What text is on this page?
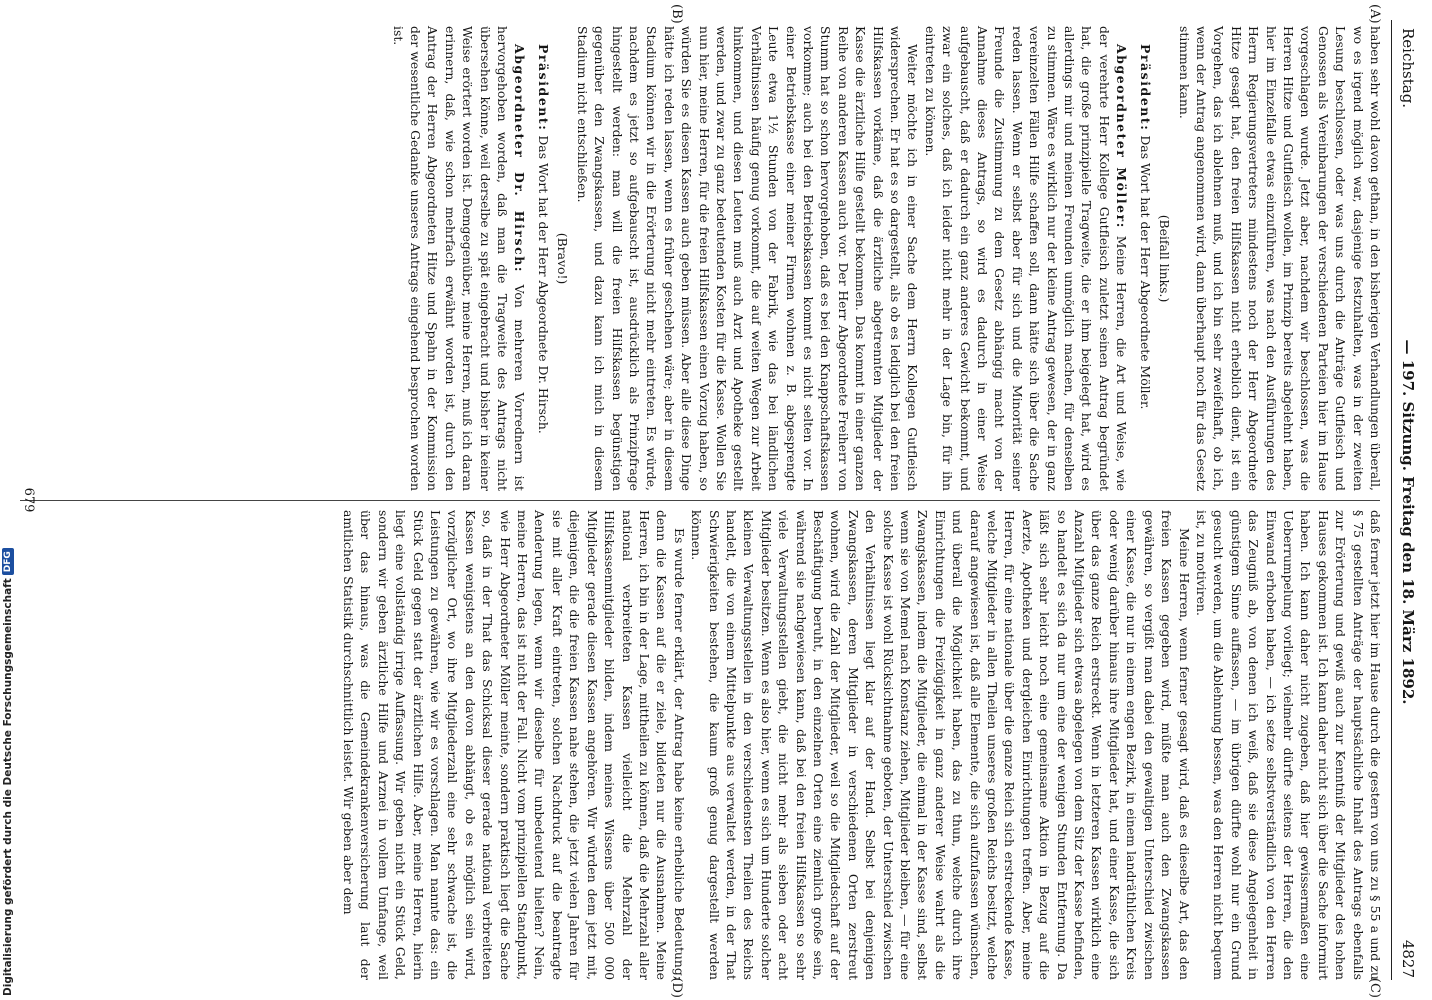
Reichstag.
— 197. Sitzung. Freitag den 18. März 1892.
4827
(A)
(B)
(C)
(D)

haben sehr wohl davon gethan, in den bisherigen Verhandlungen überall, wo es irgend möglich war, dasjenige festzuhalten, was in der zweiten Lesung beschlossen, oder was uns durch die Anträge Gutfleisch und Genossen als Vereinbarungen der verschiedenen Parteien hier im Hause vorgeschlagen wurde. Jetzt aber, nachdem wir beschlossen, was die Herren Hitze und Gutfleisch wollen, im Prinzip bereits abgelehnt haben, hier im Einzelfalle etwas einzuführen, was nach den Ausführungen des Herrn Regierungsvertreters mindestens noch der Herr Abgeordnete Hitze gesagt hat, den freien Hilfskassen nicht erheblich dient, ist ein Vorgehen, das ich ablehnen muß, und ich bin sehr zweifelhaft, ob ich, wenn der Antrag angenommen wird, dann überhaupt noch für das Gesetz stimmen kann.

(Beifall links.)

Präsident: Das Wort hat der Herr Abgeordnete Möller.

Abgeordneter Möller: Meine Herren, die Art und Weise, wie der verehrte Herr Kollege Gutfleisch zuletzt seinen Antrag begründet hat, die große prinzipielle Tragweite, die er ihm beigelegt hat, wird es allerdings mir und meinen Freunden unmöglich machen, für denselben zu stimmen. Wäre es wirklich nur der kleine Antrag gewesen, der in ganz vereinzelten Fällen Hilfe schaffen soll, dann hätte sich über die Sache reden lassen. Wenn er selbst aber für sich und die Minorität seiner Freunde die Zustimmung zu dem Gesetz abhängig macht von der Annahme dieses Antrags, so wird es dadurch in einer Weise aufgebauscht, daß er dadurch ein ganz anderes Gewicht bekommt, und zwar ein solches, daß ich leider nicht mehr in der Lage bin, für ihn eintreten zu können.

Weiter möchte ich in einer Sache dem Herrn Kollegen Gutfleisch widersprechen. Er hat es so dargestellt, als ob es lediglich bei den freien Hilfskassen vorkäme, daß die ärztliche abgetrennten Mitglieder der Kasse die ärztliche Hilfe gestellt bekommen. Das kommt in einer ganzen Reihe von anderen Kassen auch vor. Der Herr Abgeordnete Freiherr von Stumm hat so schon hervorgehoben, daß es bei den Knappschaftskassen vorkomme; auch bei den Betriebskassen kommt es nicht selten vor. In einer Betriebskasse einer meiner Firmen wohnen z. B. abgesprengte Leute etwa 1½ Stunden von der Fabrik, wie das bei ländlichen Verhältnissen häufig genug vorkommt, die auf weiten Wegen zur Arbeit hinkommen, und diesen Leuten muß auch Arzt und Apotheke gestellt werden, und zwar zu ganz bedeutenden Kosten für die Kasse. Wollen Sie nun hier, meine Herren, für die freien Hilfskassen einen Vorzug haben, so würden Sie es diesen Kassen auch geben müssen. Aber alle diese Dinge hätte ich reden lassen, wenn es früher geschehen wäre; aber in diesem Stadium können wir in die Erörterung nicht mehr eintreten. Es würde, nachdem es jetzt so aufgebauscht ist, ausdrücklich als Prinzipfrage hingestellt werden: man will die freien Hilfskassen begünstigen gegenüber den Zwangskassen, und dazu kann ich mich in diesem Stadium nicht entschließen.

(Bravo!)

Präsident: Das Wort hat der Herr Abgeordnete Dr. Hirsch.

Abgeordneter Dr. Hirsch: Von mehreren Vorrednern ist hervorgehoben worden, daß man die Tragweite des Antrags nicht übersehen könne, weil derselbe zu spät eingebracht und bisher in keiner Weise erörtert worden ist. Demgegenüber, meine Herren, muß ich daran erinnern, daß, wie schon mehrfach erwähnt worden ist, durch den Antrag der Herren Abgeordneten Hitze und Spahn in der Kommission der wesentliche Gedanke unseres Antrags eingehend besprochen worden ist.

daß ferner jetzt hier im Hause durch die gestern von uns zu § 55 a und zu § 75 gestellten Anträge der hauptsächliche Inhalt des Antrags ebenfalls zur Erörterung und gewiß auch zur Kenntniß der Mitglieder des hohen Hauses gekommen ist. Ich kann daher nicht sich über die Sache informirt haben. Ich kann daher nicht zugeben, daß hier gewissermaßen eine Ueberrumpelung vorliegt; vielmehr dürfte seitens der Herren, die den Einwand erhoben haben, — ich setze selbstverständlich von den Herren das Zeugniß ab, von denen ich weiß, daß sie diese Angelegenheit in günstigem Sinne auffassen, — im übrigen dürfte wohl nur ein Grund gesucht werden, um die Ablehnung bessen, was den Herren nicht bequem ist, zu motiviren.

Meine Herren, wenn ferner gesagt wird, daß es dieselbe Art, das den freien Kassen gegeben wird, müßte man auch den Zwangskassen gewähren, so vergißt man dabei den gewaltigen Unterschied zwischen einer Kasse, die nur in einem engen Bezirk, in einem landräthlichen Kreis oder wenig darüber hinaus ihre Mitglieder hat, und einer Kasse, die sich über das ganze Reich erstreckt. Wenn in letzteren Kassen wirklich eine Anzahl Mitglieder sich etwas abgelegen von dem Sitz der Kasse befinden, so handelt es sich da nur um eine der wenigen Stunden Entfernung. Da läßt sich sehr leicht noch eine gemeinsame Aktion in Bezug auf die Aerzte, Apotheken und dergleichen Einrichtungen treffen. Aber, meine Herren, für eine nationale über die ganze Reich sich erstreckende Kasse, welche Mitglieder in allen Theilen unseres großen Reichs besitzt, welche darauf angewiesen ist, daß alle Elemente, die sich aufzufassen wünschen, und überall die Möglichkeit haben, das zu thun, welche durch ihre Einrichtungen die Freizügigkeit in ganz anderer Weise wahrt als die Zwangskassen, indem die Mitglieder, die einmal in der Kasse sind, selbst wenn sie von Memel nach Konstanz ziehen, Mitglieder bleiben, — für eine solche Kasse ist wohl Rücksichtnahme geboten, der Unterschied zwischen den Verhältnissen liegt klar auf der Hand. Selbst bei denjenigen Zwangskassen, deren Mitglieder in verschiedenen Orten zerstreut wohnen, wird die Zahl der Mitglieder, weil so die Mitgliedschaft auf der Beschäftigung beruht, in den einzelnen Orten eine ziemlich große sein, während sie nachgewiesen kann, daß bei den freien Hilfskassen so sehr viele Verwaltungsstellen giebt, die nicht mehr als sieben oder acht Mitglieder besitzen. Wenn es also hier, wenn es sich um Hunderte solcher kleinen Verwaltungsstellen in den verschiedensten Theilen des Reichs handelt, die von einem Mittelpunkte aus verwaltet werden, in der That Schwierigkeiten bestehen, die kaum groß genug dargestellt werden können.

Es wurde ferner erklärt, der Antrag habe keine erhebliche Bedeutung; denn die Kassen auf die er ziele, bildeten nur die Ausnahmen. Meine Herren, ich bin in der Lage, mittheilen zu können, daß die Mehrzahl aller national verbreiteten Kassen vielleicht die Mehrzahl der Hilfskassenmitglieder bilden, indem meines Wissens über 500 000 Mitglieder gerade diesen Kassen angehören. Wir würden dem jetzt mit, diejenigen, die die freien Kassen nahe stehen, die jetzt vielen Jahren für sie mit aller Kraft eintreten, solchen Nachdruck auf die beantragte Aenderung legen, wenn wir dieselbe für unbedeutend hielten? Nein, meine Herren, das ist nicht der Fall. Nicht vom prinzipiellen Standpunkt, wie Herr Abgeordneter Möller meinte, sondern praktisch liegt die Sache so, daß in der That das Schicksal dieser gerade national verbreiteten Kassen wenigstens an den davon abhängt, ob es möglich sein wird, vorzüglicher Ort, wo ihre Mitgliederzahl eine sehr schwache ist, die Leistungen zu gewähren, wie wir es vorschlagen. Man nannte das: ein Stück Geld gegen statt der ärztlichen Hilfe. Aber, meine Herren, hierin liegt eine vollständig irrige Auffassung. Wir geben nicht ein Stück Geld, sondern wir geben ärztliche Hilfe und Arznei in vollem Umfange, weil über das hinaus, was die Gemeindekrankenversicherung laut der amtlichen Statistik durchschnittlich leistet. Wir geben aber dem

679
Digitalisierung gefördert durch die Deutsche ForschungsgemeinschaftDFG
